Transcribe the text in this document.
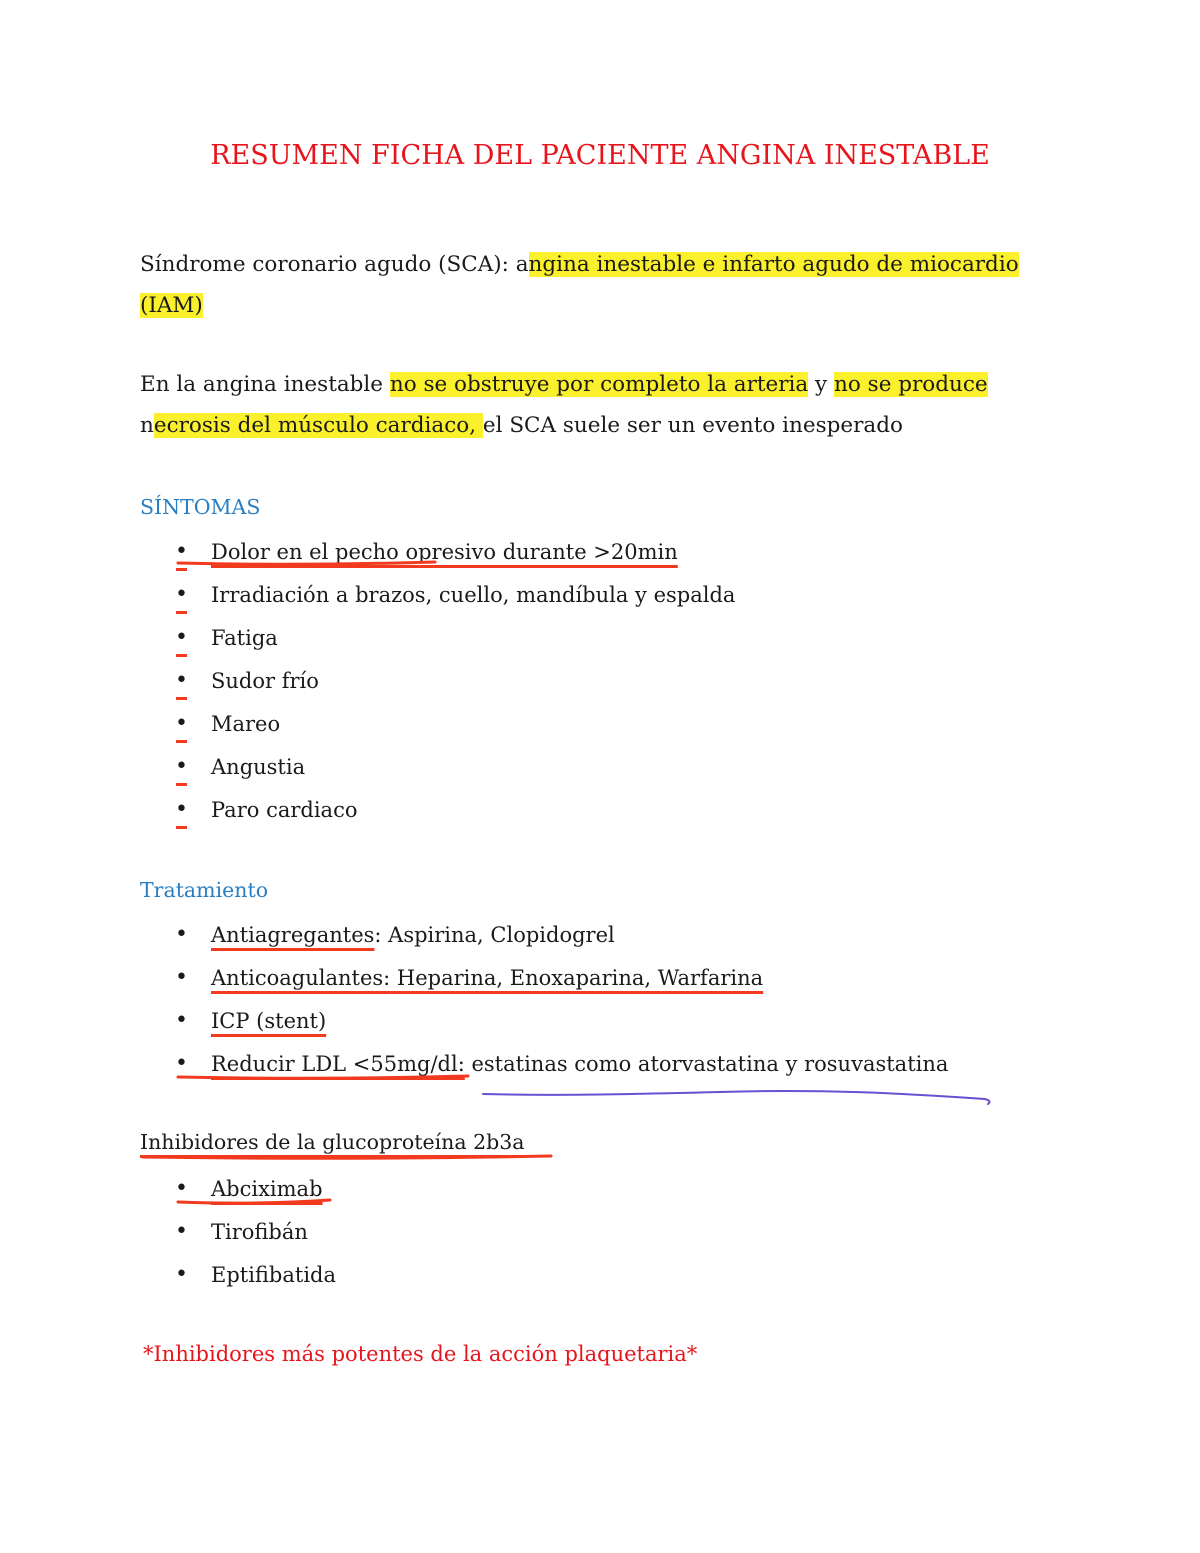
RESUMEN FICHA DEL PACIENTE ANGINA INESTABLE
Síndrome coronario agudo (SCA): angina inestable e infarto agudo de miocardio
(IAM)
En la angina inestable no se obstruye por completo la arteria y no se produce
necrosis del músculo cardiaco, el SCA suele ser un evento inesperado
SÍNTOMAS
• Dolor en el pecho opresivo durante >20min
• Irradiación a brazos, cuello, mandíbula y espalda
• Fatiga
• Sudor frío
• Mareo
• Angustia
• Paro cardiaco
Tratamiento
• Antiagregantes: Aspirina, Clopidogrel
• Anticoagulantes: Heparina, Enoxaparina, Warfarina
• ICP (stent)
• Reducir LDL <55mg/dl: estatinas como atorvastatina y rosuvastatina
Inhibidores de la glucoproteína 2b3a
• Abciximab
• Tirofibán
• Eptifibatida
*Inhibidores más potentes de la acción plaquetaria*
